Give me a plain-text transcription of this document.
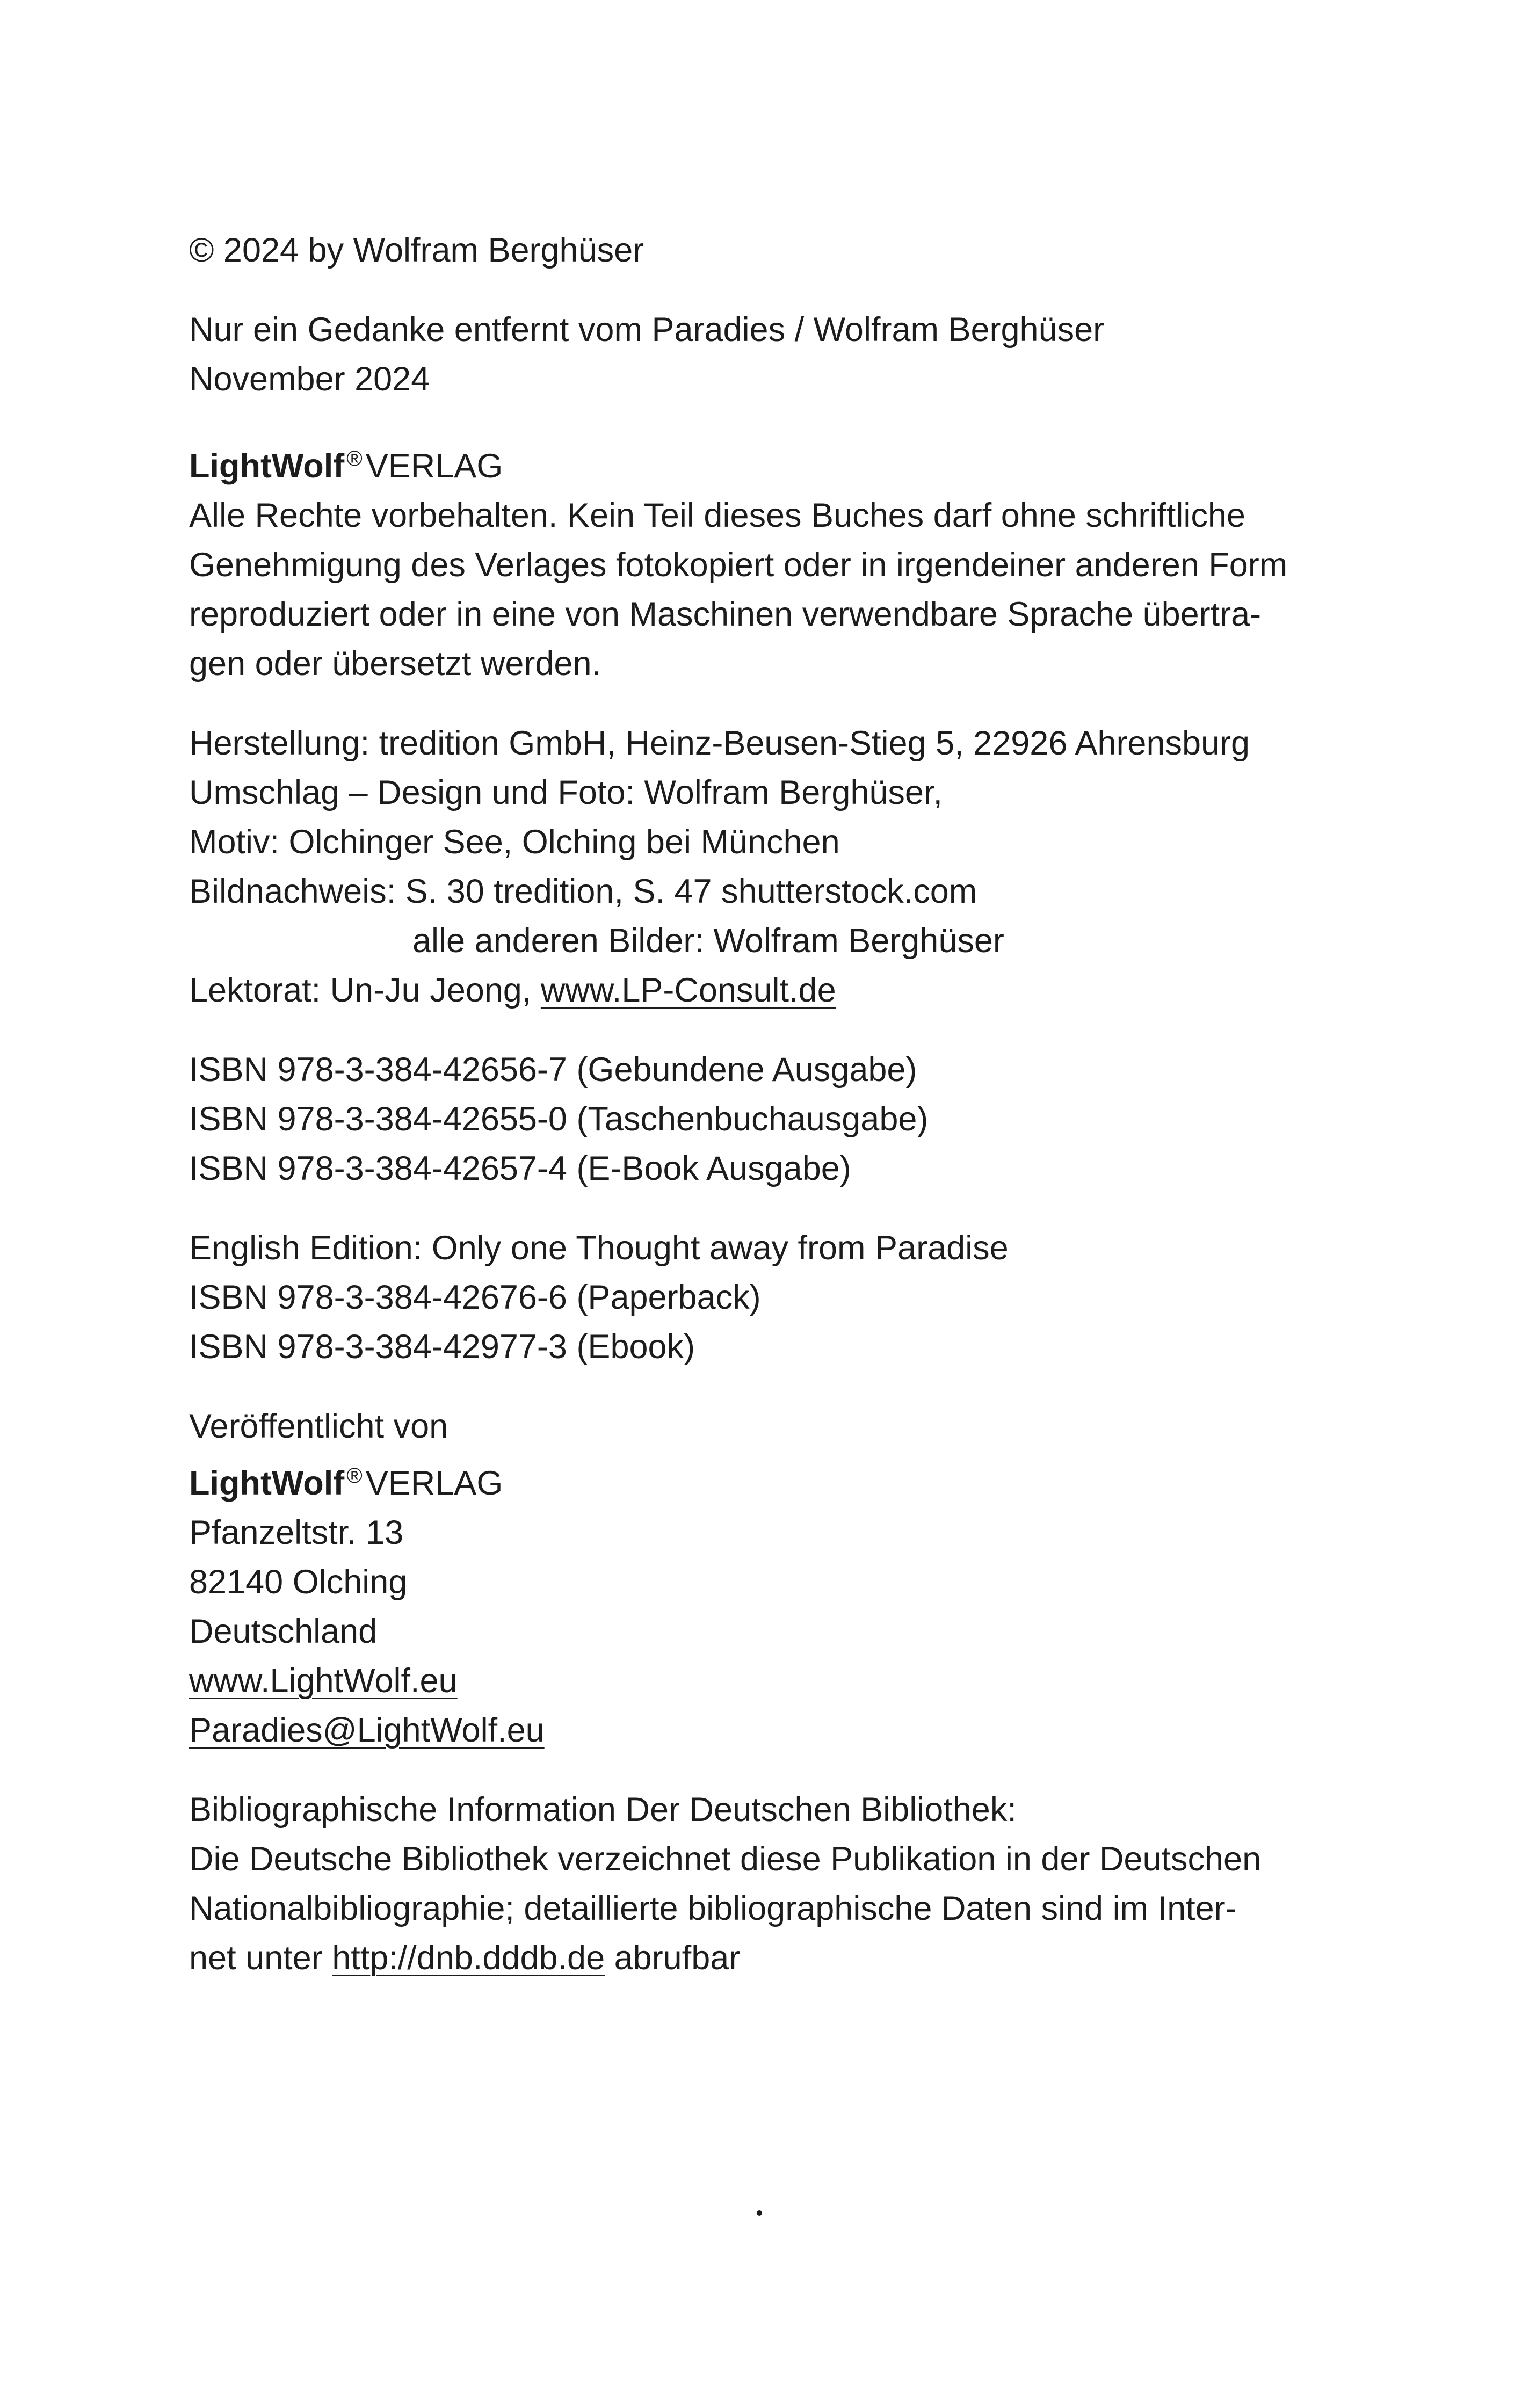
© 2024 by Wolfram Berghüser
Nur ein Gedanke entfernt vom Paradies / Wolfram Berghüser
November 2024
LightWolf ®VERLAG
Alle Rechte vorbehalten. Kein Teil dieses Buches darf ohne schriftliche
Genehmigung des Verlages fotokopiert oder in irgendeiner anderen Form
reproduziert oder in eine von Maschinen verwendbare Sprache übertra-
gen oder übersetzt werden.
Herstellung: tredition GmbH, Heinz-Beusen-Stieg 5, 22926 Ahrensburg
Umschlag – Design und Foto: Wolfram Berghüser,
Motiv: Olchinger See, Olching bei München
Bildnachweis: S. 30 tredition, S. 47 shutterstock.com
alle anderen Bilder: Wolfram Berghüser
Lektorat: Un-Ju Jeong, www.LP-Consult.de
ISBN 978-3-384-42656-7 (Gebundene Ausgabe)
ISBN 978-3-384-42655-0 (Taschenbuchausgabe)
ISBN 978-3-384-42657-4 (E-Book Ausgabe)
English Edition: Only one Thought away from Paradise
ISBN 978-3-384-42676-6 (Paperback)
ISBN 978-3-384-42977-3 (Ebook)
Veröffentlicht von
LightWolf ®VERLAG
Pfanzeltstr. 13
82140 Olching
Deutschland
www.LightWolf.eu
Paradies@LightWolf.eu
Bibliographische Information Der Deutschen Bibliothek:
Die Deutsche Bibliothek verzeichnet diese Publikation in der Deutschen
Nationalbibliographie; detaillierte bibliographische Daten sind im Inter-
net unter http://dnb.dddb.de abrufbar
